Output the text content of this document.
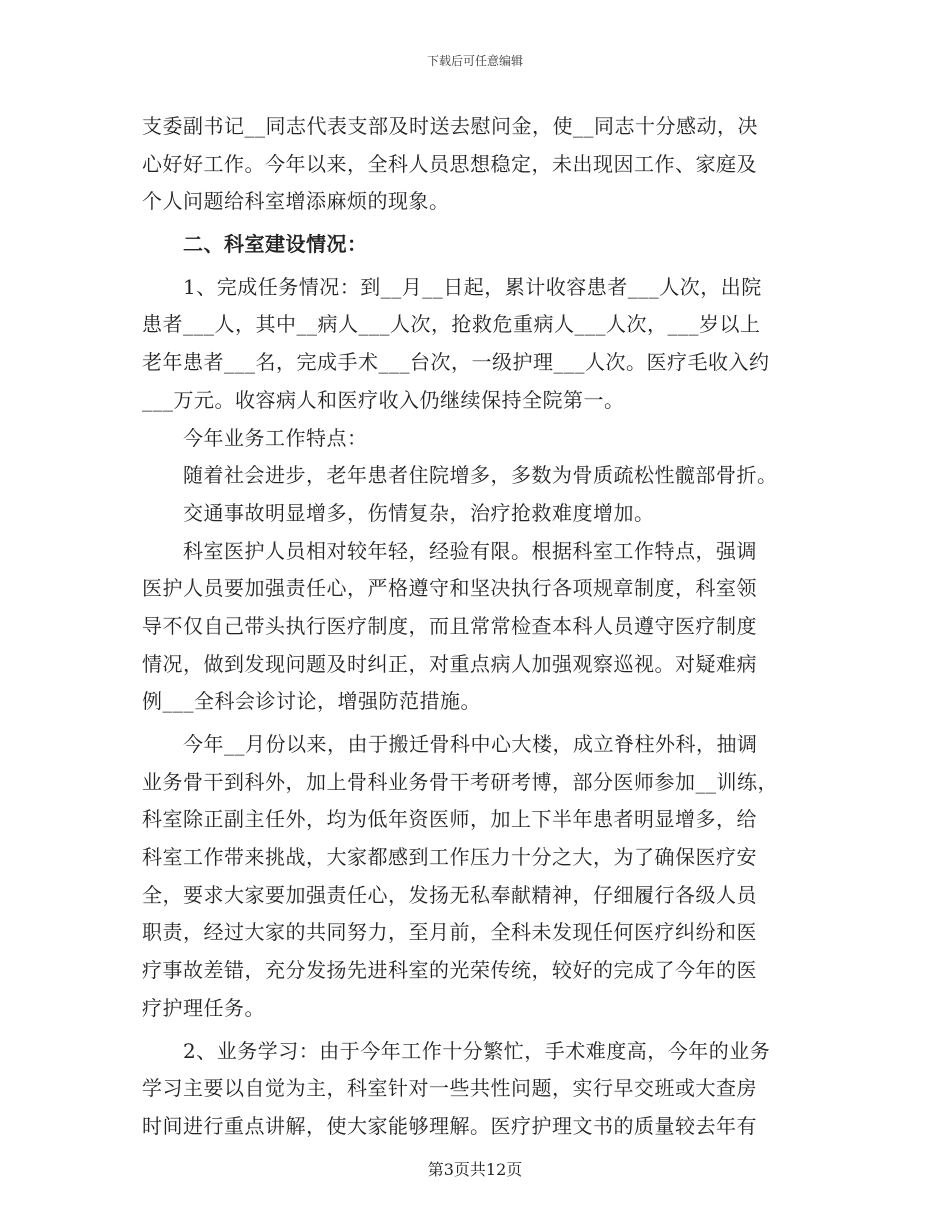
下载后可任意编辑
支委副书记__同志代表支部及时送去慰问金，使__同志十分感动，决
心好好工作。今年以来，全科人员思想稳定，未出现因工作、家庭及
个人问题给科室增添麻烦的现象。
　　二、科室建设情况：
　　1、完成任务情况：到__月__日起，累计收容患者___人次，出院
患者___人，其中__病人___人次，抢救危重病人___人次，___岁以上
老年患者___名，完成手术___台次，一级护理___人次。医疗毛收入约
___万元。收容病人和医疗收入仍继续保持全院第一。
　　今年业务工作特点：
　　随着社会进步，老年患者住院增多，多数为骨质疏松性髋部骨折。
　　交通事故明显增多，伤情复杂，治疗抢救难度增加。
　　科室医护人员相对较年轻，经验有限。根据科室工作特点，强调
医护人员要加强责任心，严格遵守和坚决执行各项规章制度，科室领
导不仅自己带头执行医疗制度，而且常常检查本科人员遵守医疗制度
情况，做到发现问题及时纠正，对重点病人加强观察巡视。对疑难病
例___全科会诊讨论，增强防范措施。
　　今年__月份以来，由于搬迁骨科中心大楼，成立脊柱外科，抽调
业务骨干到科外，加上骨科业务骨干考研考博，部分医师参加__训练，
科室除正副主任外，均为低年资医师，加上下半年患者明显增多，给
科室工作带来挑战，大家都感到工作压力十分之大，为了确保医疗安
全，要求大家要加强责任心，发扬无私奉献精神，仔细履行各级人员
职责，经过大家的共同努力，至月前，全科未发现任何医疗纠纷和医
疗事故差错，充分发扬先进科室的光荣传统，较好的完成了今年的医
疗护理任务。
　　2、业务学习：由于今年工作十分繁忙，手术难度高，今年的业务
学习主要以自觉为主，科室针对一些共性问题，实行早交班或大查房
时间进行重点讲解，使大家能够理解。医疗护理文书的质量较去年有
第3页共12页
